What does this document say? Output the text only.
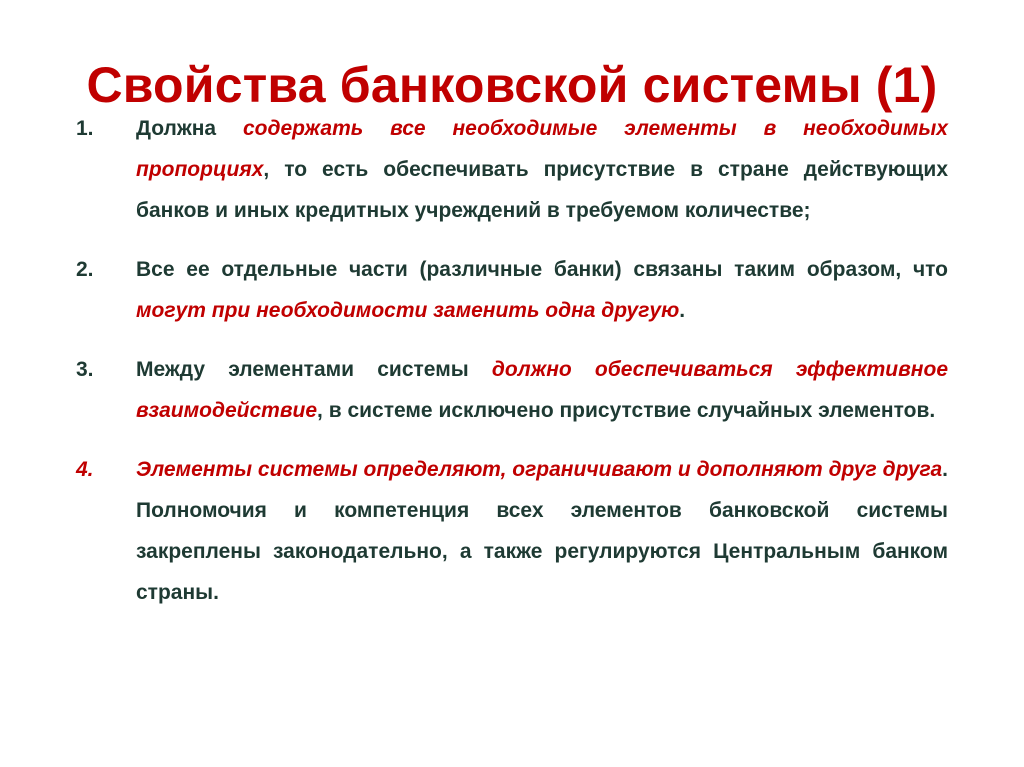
Свойства банковской системы (1)
1. Должна содержать все необходимые элементы в необходимых пропорциях, то есть обеспечивать присутствие в стране действующих банков и иных кредитных учреждений в требуемом количестве;
2. Все ее отдельные части (различные банки) связаны таким образом, что могут при необходимости заменить одна другую.
3. Между элементами системы должно обеспечиваться эффективное взаимодействие, в системе исключено присутствие случайных элементов.
4. Элементы системы определяют, ограничивают и дополняют друг друга. Полномочия и компетенция всех элементов банковской системы закреплены законодательно, а также регулируются Центральным банком страны.
